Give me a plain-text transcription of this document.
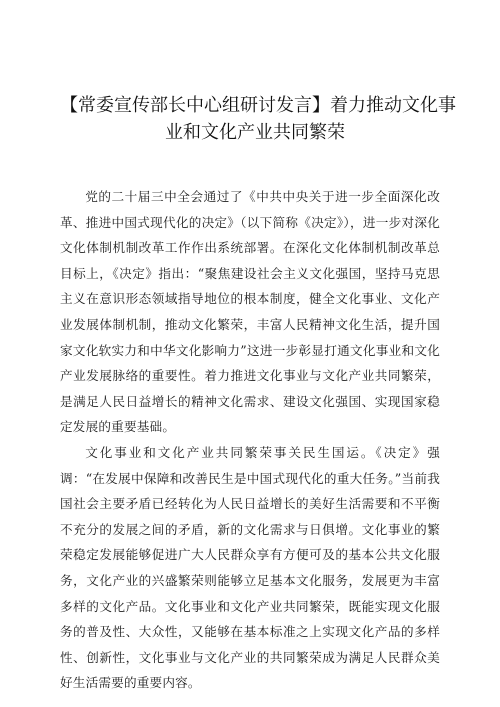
【常委宣传部长中心组研讨发言】着力推动文化事
业和文化产业共同繁荣

党的二十届三中全会通过了《中共中央关于进一步全面深化改革、推进中国式现代化的决定》（以下简称《决定》），进一步对深化文化体制机制改革工作作出系统部署。在深化文化体制机制改革总目标上，《决定》指出：“聚焦建设社会主义文化强国，坚持马克思主义在意识形态领域指导地位的根本制度，健全文化事业、文化产业发展体制机制，推动文化繁荣，丰富人民精神文化生活，提升国家文化软实力和中华文化影响力”这进一步彰显打通文化事业和文化产业发展脉络的重要性。着力推进文化事业与文化产业共同繁荣，是满足人民日益增长的精神文化需求、建设文化强国、实现国家稳定发展的重要基础。

文化事业和文化产业共同繁荣事关民生国运。《决定》强调：“在发展中保障和改善民生是中国式现代化的重大任务。”当前我国社会主要矛盾已经转化为人民日益增长的美好生活需要和不平衡不充分的发展之间的矛盾，新的文化需求与日俱增。文化事业的繁荣稳定发展能够促进广大人民群众享有方便可及的基本公共文化服务，文化产业的兴盛繁荣则能够立足基本文化服务，发展更为丰富多样的文化产品。文化事业和文化产业共同繁荣，既能实现文化服务的普及性、大众性，又能够在基本标准之上实现文化产品的多样性、创新性，文化事业与文化产业的共同繁荣成为满足人民群众美好生活需要的重要内容。
